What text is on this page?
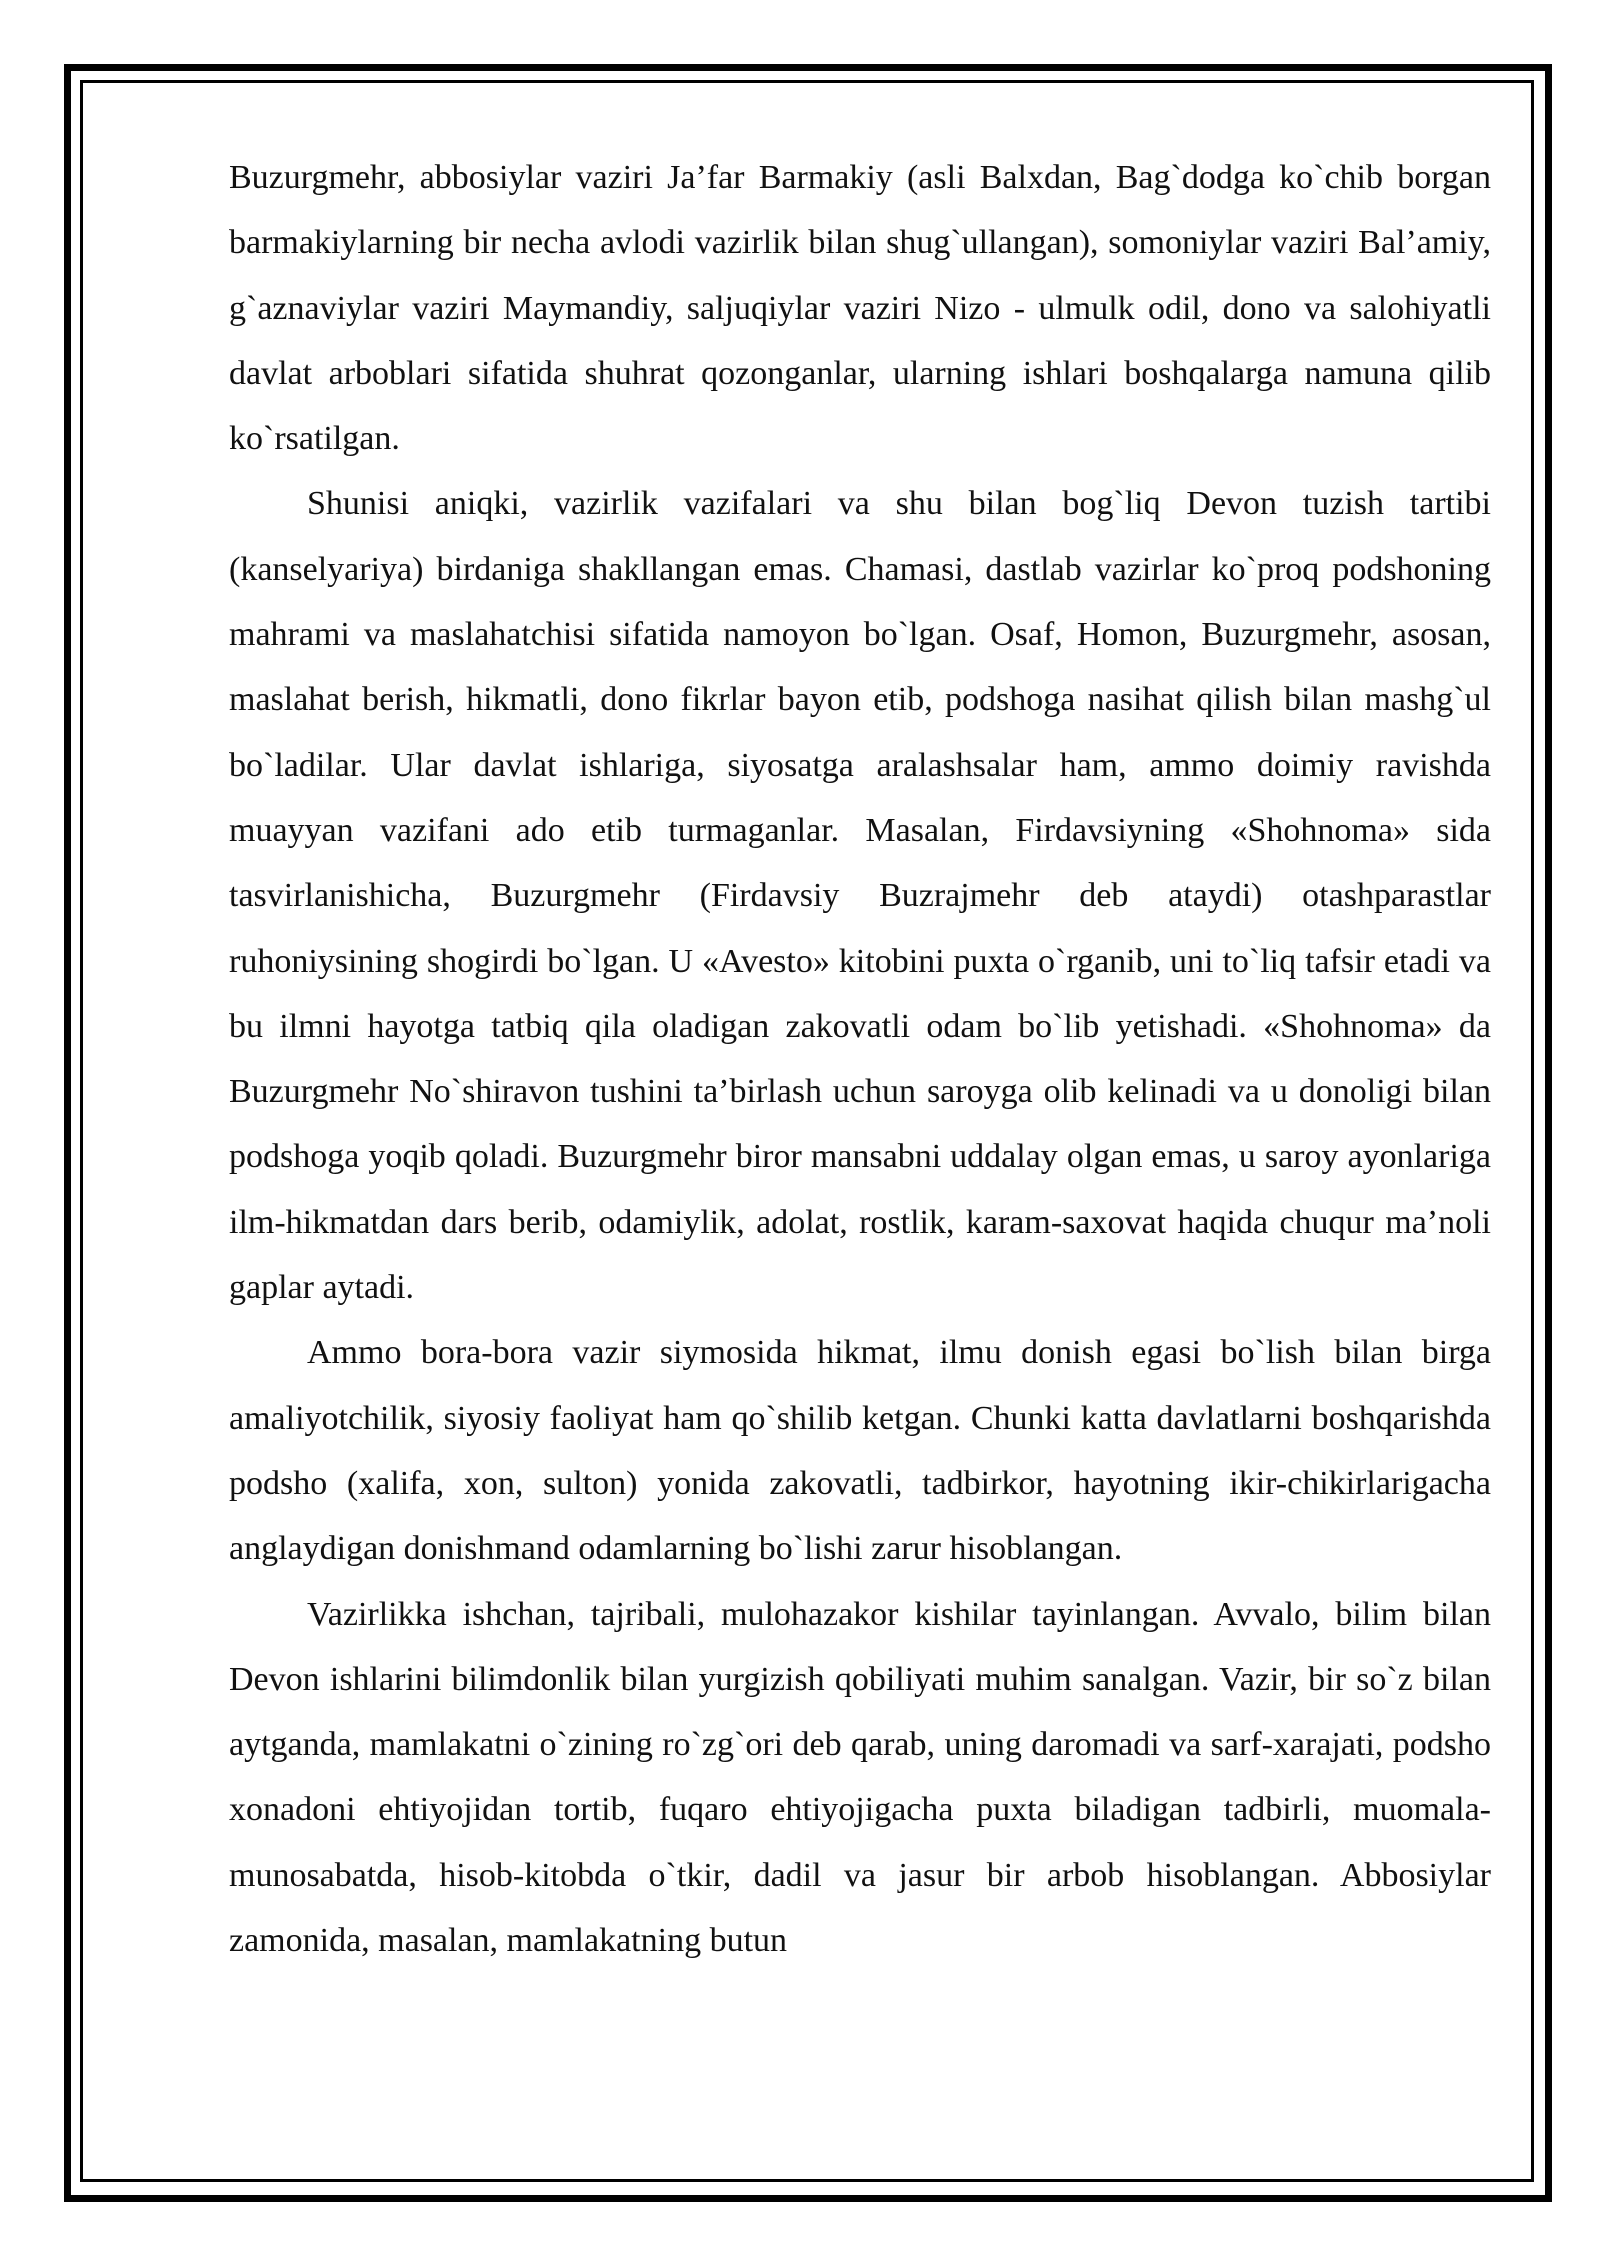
Buzurgmehr, abbosiylar vaziri Ja’far Barmakiy (asli Balxdan, Bag`dodga ko`chib borgan barmakiylarning bir necha avlodi vazirlik bilan shug`ullangan), somoniylar vaziri Bal’amiy, g`aznaviylar vaziri Maymandiy, saljuqiylar vaziri Nizo - ulmulk odil, dono va salohiyatli davlat arboblari sifatida shuhrat qozonganlar, ularning ishlari boshqalarga namuna qilib ko`rsatilgan.

Shunisi aniqki, vazirlik vazifalari va shu bilan bog`liq Devon tuzish tartibi (kanselyariya) birdaniga shakllangan emas. Chamasi, dastlab vazirlar ko`proq podshoning mahrami va maslahatchisi sifatida namoyon bo`lgan. Osaf, Homon, Buzurgmehr, asosan, maslahat berish, hikmatli, dono fikrlar bayon etib, podshoga nasihat qilish bilan mashg`ul bo`ladilar. Ular davlat ishlariga, siyosatga aralashsalar ham, ammo doimiy ravishda muayyan vazifani ado etib turmaganlar. Masalan, Firdavsiyning «Shohnoma» sida tasvirlanishicha, Buzurgmehr (Firdavsiy Buzrajmehr deb ataydi) otashparastlar ruhoniysining shogirdi bo`lgan. U «Avesto» kitobini puxta o`rganib, uni to`liq tafsir etadi va bu ilmni hayotga tatbiq qila oladigan zakovatli odam bo`lib yetishadi. «Shohnoma» da Buzurgmehr No`shiravon tushini ta’birlash uchun saroyga olib kelinadi va u donoligi bilan podshoga yoqib qoladi. Buzurgmehr biror mansabni uddalay olgan emas, u saroy ayonlariga ilm-hikmatdan dars berib, odamiylik, adolat, rostlik, karam-saxovat haqida chuqur ma’noli gaplar aytadi.

Ammo bora-bora vazir siymosida hikmat, ilmu donish egasi bo`lish bilan birga amaliyotchilik, siyosiy faoliyat ham qo`shilib ketgan. Chunki katta davlatlarni boshqarishda podsho (xalifa, xon, sulton) yonida zakovatli, tadbirkor, hayotning ikir-chikirlarigacha anglaydigan donishmand odamlarning bo`lishi zarur hisoblangan.

Vazirlikka ishchan, tajribali, mulohazakor kishilar tayinlangan. Avvalo, bilim bilan Devon ishlarini bilimdonlik bilan yurgizish qobiliyati muhim sanalgan. Vazir, bir so`z bilan aytganda, mamlakatni o`zining ro`zg`ori deb qarab, uning daromadi va sarf-xarajati, podsho xonadoni ehtiyojidan tortib, fuqaro ehtiyojigacha puxta biladigan tadbirli, muomala-munosabatda, hisob-kitobda o`tkir, dadil va jasur bir arbob hisoblangan. Abbosiylar zamonida, masalan, mamlakatning butun
